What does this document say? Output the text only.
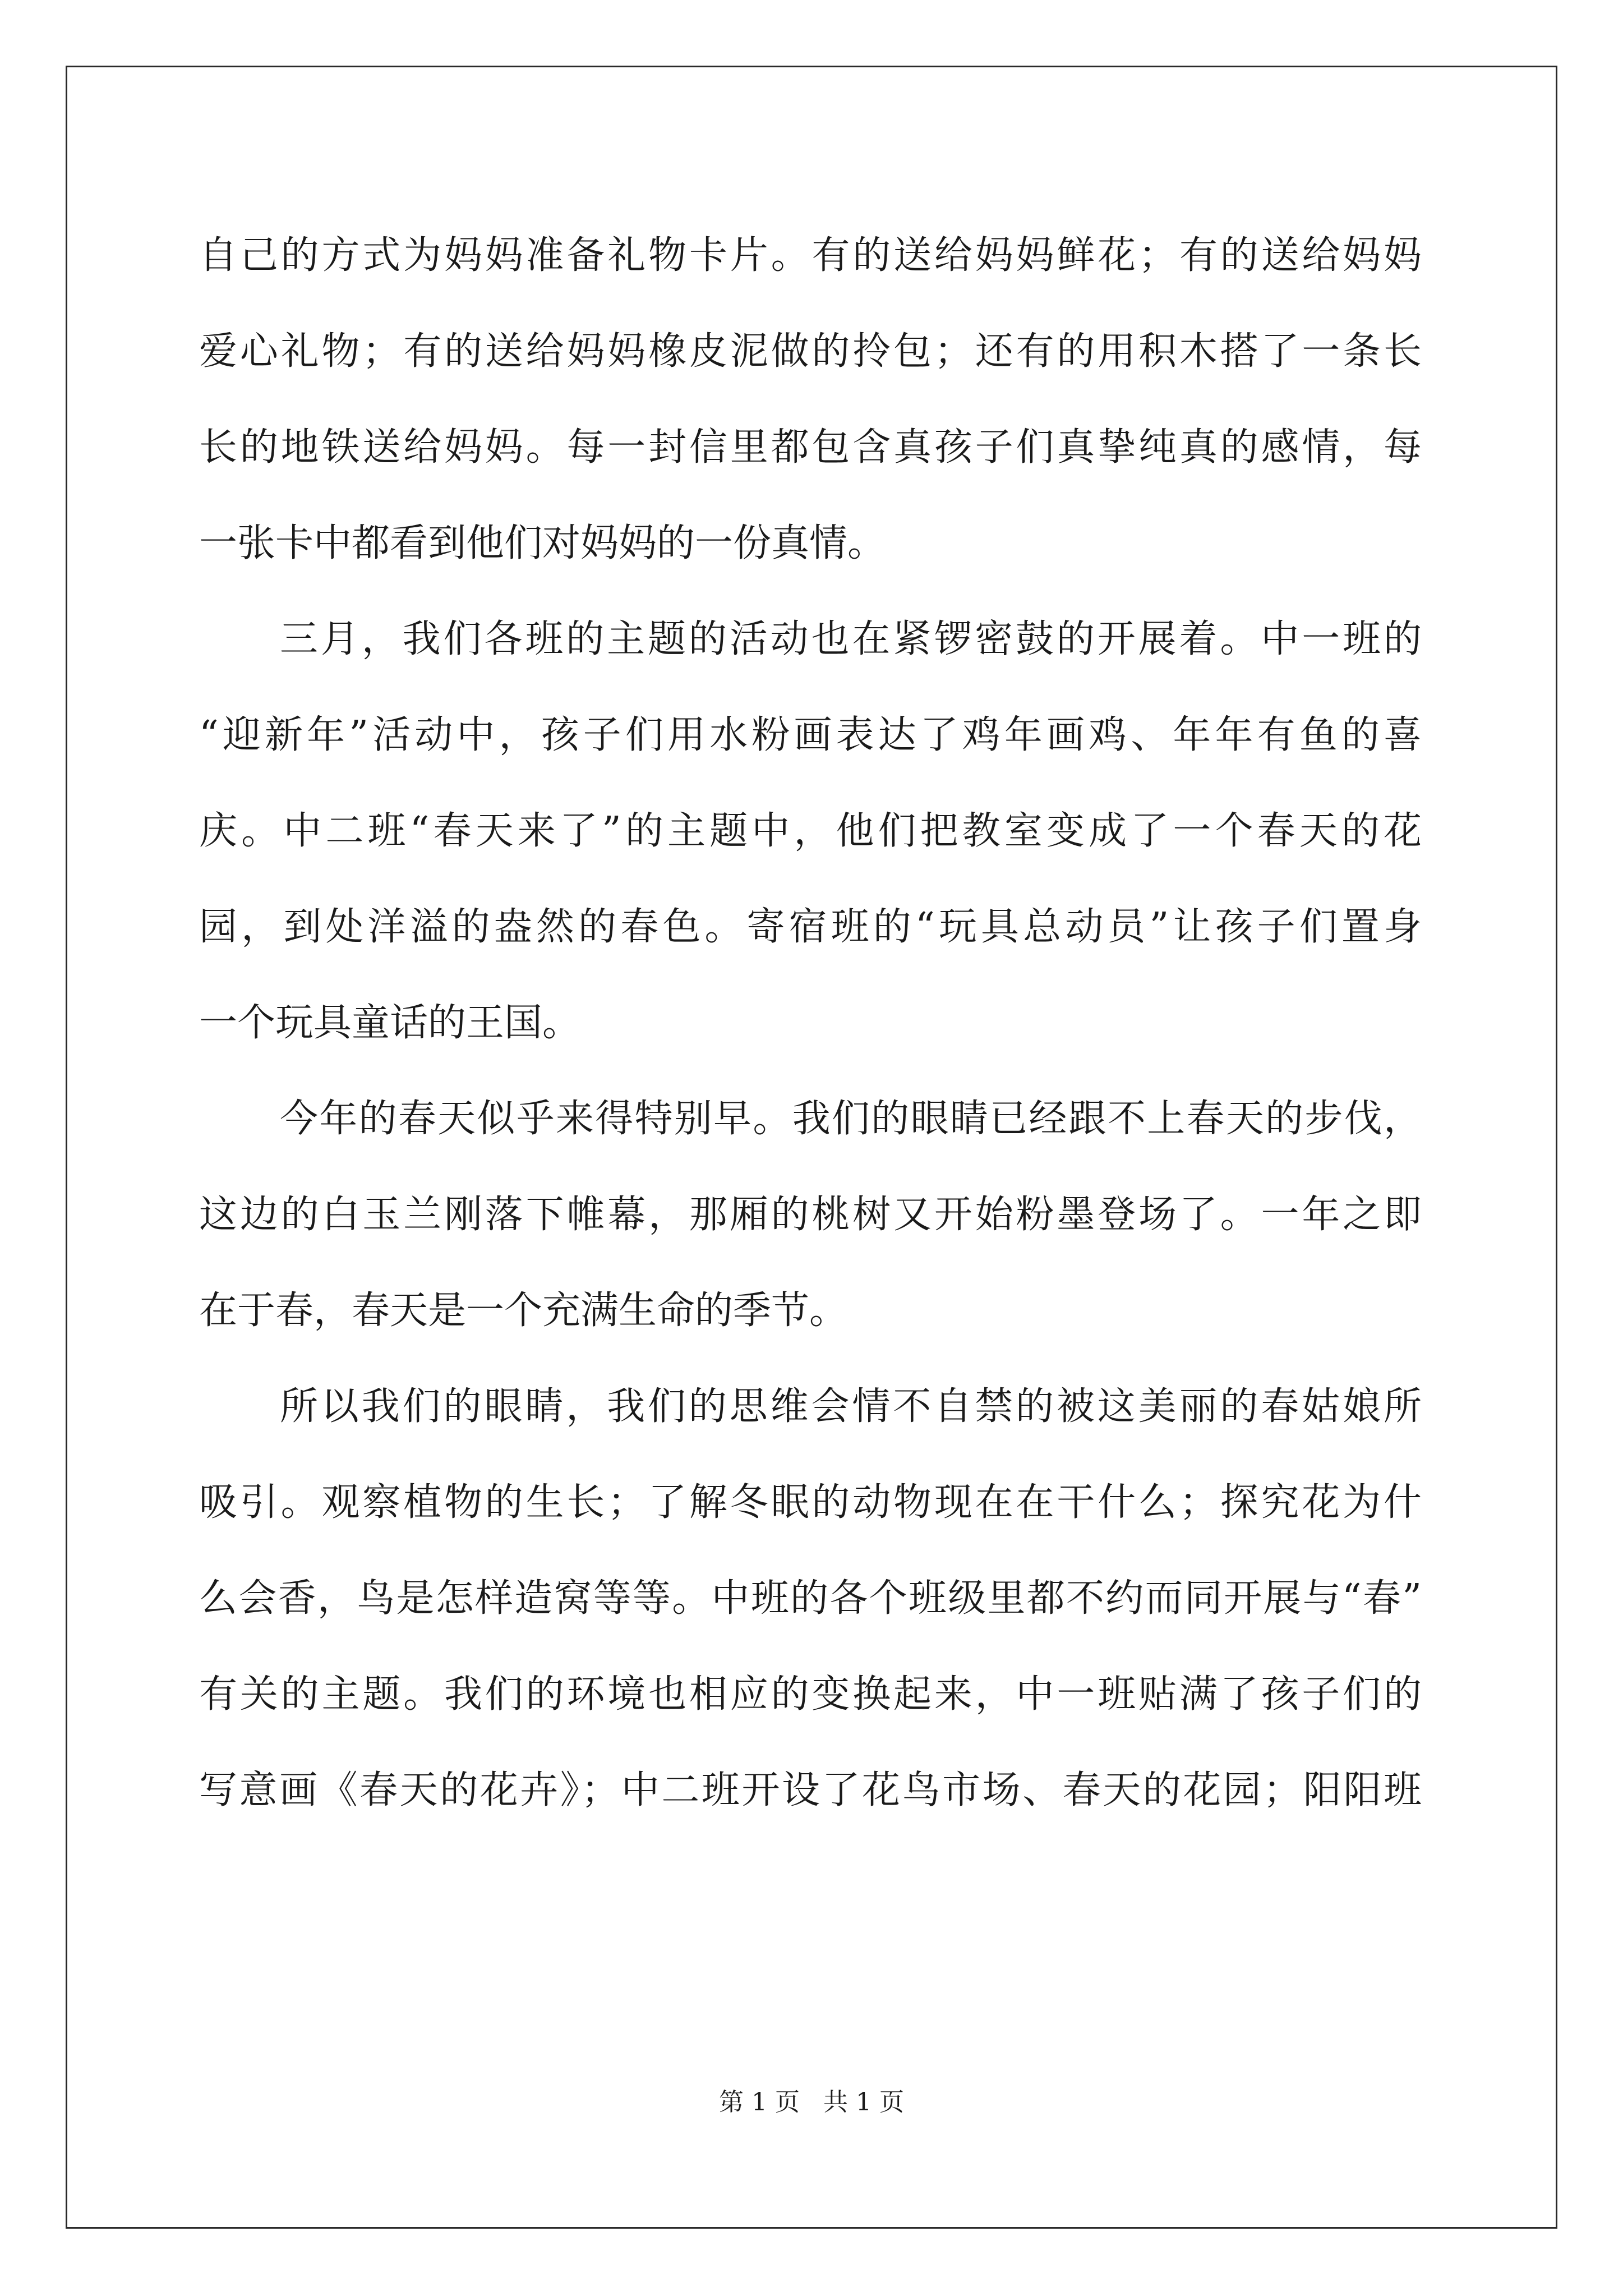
自己的方式为妈妈准备礼物卡片。有的送给妈妈鲜花；有的送给妈妈
爱心礼物；有的送给妈妈橡皮泥做的拎包；还有的用积木搭了一条长
长的地铁送给妈妈。每一封信里都包含真孩子们真挚纯真的感情，每
一张卡中都看到他们对妈妈的一份真情。
三月，我们各班的主题的活动也在紧锣密鼓的开展着。中一班的
“迎新年”活动中，孩子们用水粉画表达了鸡年画鸡、年年有鱼的喜
庆。中二班“春天来了”的主题中，他们把教室变成了一个春天的花
园，到处洋溢的盎然的春色。寄宿班的“玩具总动员”让孩子们置身
一个玩具童话的王国。
今年的春天似乎来得特别早。我们的眼睛已经跟不上春天的步伐，
这边的白玉兰刚落下帷幕，那厢的桃树又开始粉墨登场了。一年之即
在于春，春天是一个充满生命的季节。
所以我们的眼睛，我们的思维会情不自禁的被这美丽的春姑娘所
吸引。观察植物的生长；了解冬眠的动物现在在干什么；探究花为什
么会香，鸟是怎样造窝等等。中班的各个班级里都不约而同开展与“春”
有关的主题。我们的环境也相应的变换起来，中一班贴满了孩子们的
写意画《春天的花卉》；中二班开设了花鸟市场、春天的花园；阳阳班
第 1 页   共 1 页
